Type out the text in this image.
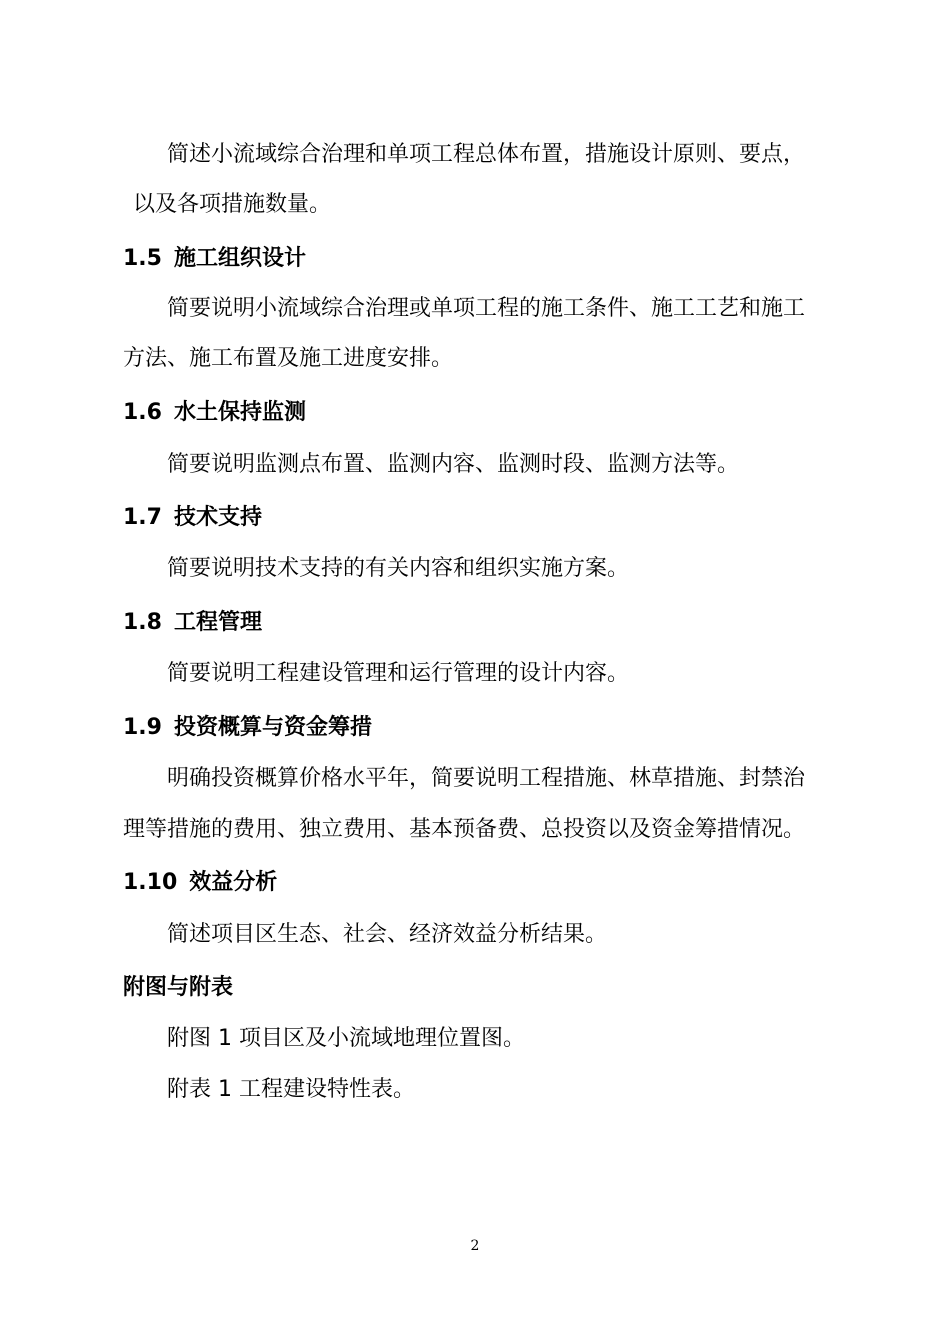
简述小流域综合治理和单项工程总体布置，措施设计原则、要点，
以及各项措施数量。
1.5 施工组织设计
简要说明小流域综合治理或单项工程的施工条件、施工工艺和施工
方法、施工布置及施工进度安排。
1.6 水土保持监测
简要说明监测点布置、监测内容、监测时段、监测方法等。
1.7 技术支持
简要说明技术支持的有关内容和组织实施方案。
1.8 工程管理
简要说明工程建设管理和运行管理的设计内容。
1.9 投资概算与资金筹措
明确投资概算价格水平年，简要说明工程措施、林草措施、封禁治
理等措施的费用、独立费用、基本预备费、总投资以及资金筹措情况。
1.10 效益分析
简述项目区生态、社会、经济效益分析结果。
附图与附表
附图 1 项目区及小流域地理位置图。
附表 1 工程建设特性表。
2
